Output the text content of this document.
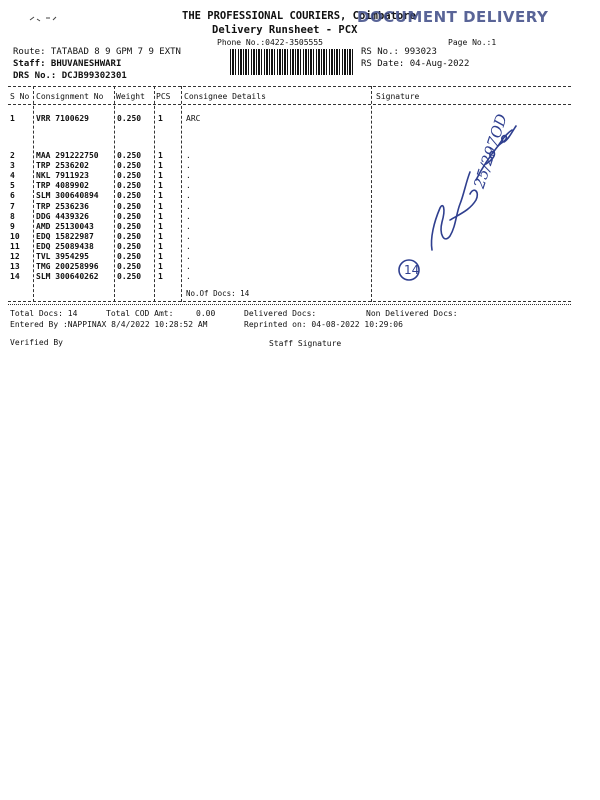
THE PROFESSIONAL COURIERS, Coimbatore
DOCUMENT DELIVERY
Delivery Runsheet - PCX
Phone No.:0422-3505555	Page No.:1
Route: TATABAD 8 9 GPM 7 9 EXTN
Staff: BHUVANESHWARI
DRS No.: DCJB99302301
RS No.: 993023
RS Date: 04-Aug-2022
S No Consignment No Weight PCS Consignee Details	Signature
1	VRR 7100629	0.250 1	ARC
2	MAA 291222750 0.250 1	.
3	TRP 2536202	0.250 1	.
4	NKL 7911923	0.250 1	.
5	TRP 4089902	0.250 1	.
6	SLM 300640894 0.250 1	.
7	TRP 2536236	0.250 1	.
8	DDG 4439326	0.250 1	.
9	AMD 25130043	0.250 1	.
10 EDQ 15822987	0.250 1	.
11 EDQ 25089438	0.250 1	.
12 TVL 3954295	0.250 1	.
13 TMG 200258996 0.250 1	.
14 SLM 300640262 0.250 1	.
No.Of Docs: 14
Total Docs: 14	Total COD Amt:	0.00	Delivered Docs:	Non Delivered Docs:
Entered By :NAPPINAX 8/4/2022 10:28:52 AM	Reprinted on: 04-08-2022 10:29:06
Verified By	Staff Signature
14
25/297OD
